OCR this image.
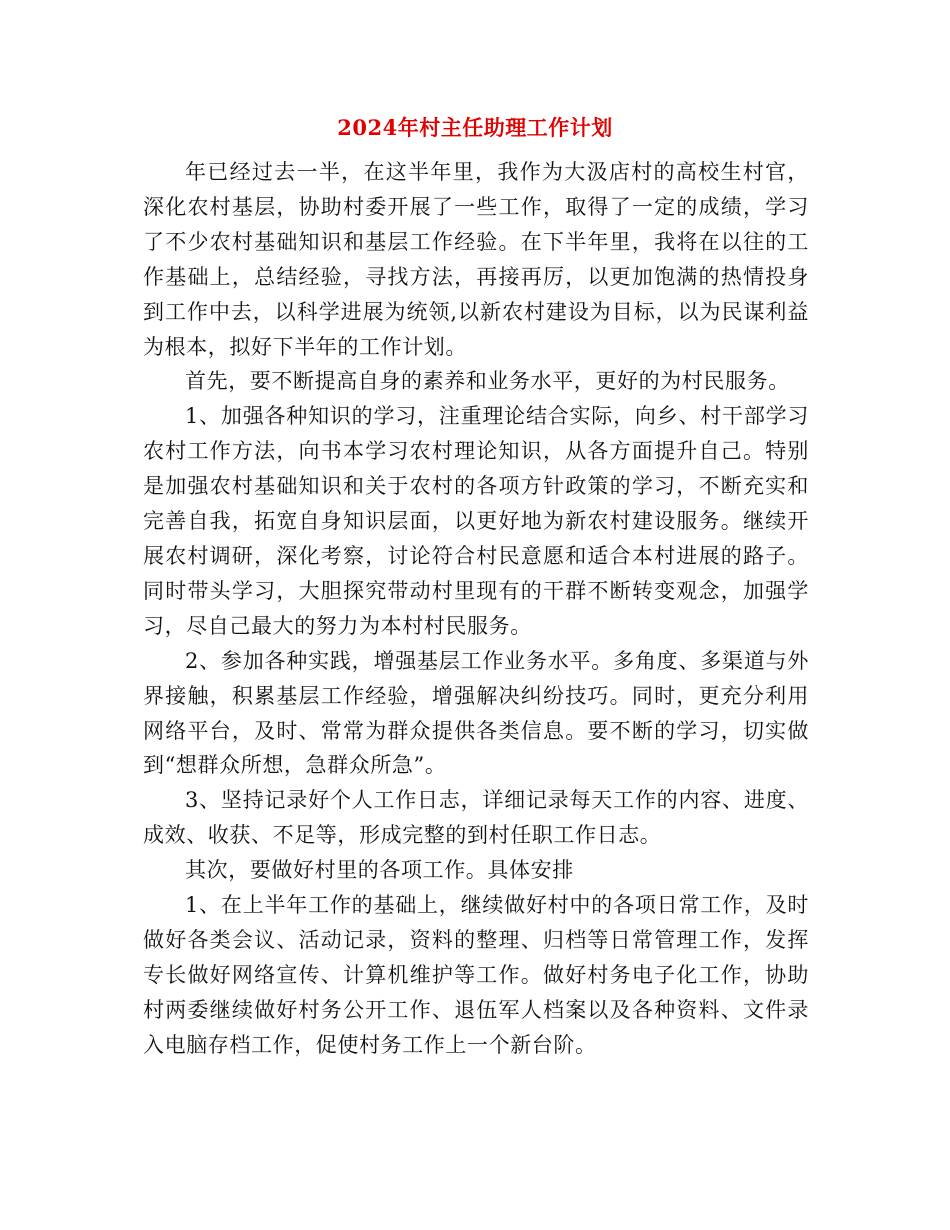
2024年村主任助理工作计划

年已经过去一半，在这半年里，我作为大汲店村的高校生村官，深化农村基层，协助村委开展了一些工作，取得了一定的成绩，学习了不少农村基础知识和基层工作经验。在下半年里，我将在以往的工作基础上，总结经验，寻找方法，再接再厉，以更加饱满的热情投身到工作中去，以科学进展为统领,以新农村建设为目标，以为民谋利益为根本，拟好下半年的工作计划。

首先，要不断提高自身的素养和业务水平，更好的为村民服务。

1、加强各种知识的学习，注重理论结合实际，向乡、村干部学习农村工作方法，向书本学习农村理论知识，从各方面提升自己。特别是加强农村基础知识和关于农村的各项方针政策的学习，不断充实和完善自我，拓宽自身知识层面，以更好地为新农村建设服务。继续开展农村调研，深化考察，讨论符合村民意愿和适合本村进展的路子。同时带头学习，大胆探究带动村里现有的干群不断转变观念，加强学习，尽自己最大的努力为本村村民服务。

2、参加各种实践，增强基层工作业务水平。多角度、多渠道与外界接触，积累基层工作经验，增强解决纠纷技巧。同时，更充分利用网络平台，及时、常常为群众提供各类信息。要不断的学习，切实做到“想群众所想，急群众所急”。

3、坚持记录好个人工作日志，详细记录每天工作的内容、进度、成效、收获、不足等，形成完整的到村任职工作日志。

其次，要做好村里的各项工作。具体安排

1、在上半年工作的基础上，继续做好村中的各项日常工作，及时做好各类会议、活动记录，资料的整理、归档等日常管理工作，发挥专长做好网络宣传、计算机维护等工作。做好村务电子化工作，协助村两委继续做好村务公开工作、退伍军人档案以及各种资料、文件录入电脑存档工作，促使村务工作上一个新台阶。
